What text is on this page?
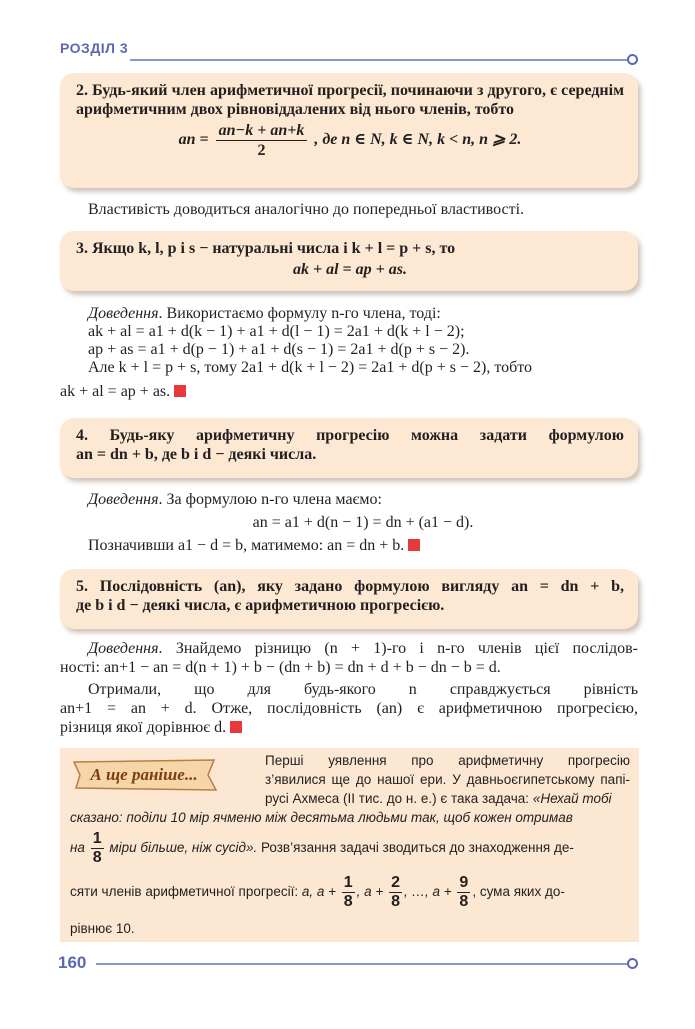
РОЗДІЛ 3
2. Будь-який член арифметичної прогресії, починаючи з другого, є середнім арифметичним двох рівновіддалених від нього членів, тобто
an = $\frac{an-k + an+k}{2}$ , де n ∈ N, k ∈ N, k < n, n ⩾ 2.
Властивість доводиться аналогічно до попередньої властивості.
3. Якщо k, l, p і s − натуральні числа і k + l = p + s, то
ak + al = ap + as.
Доведення. Використаємо формулу n-го члена, тоді:
ak + al = a1 + d(k − 1) + a1 + d(l − 1) = 2a1 + d(k + l − 2);
ap + as = a1 + d(p − 1) + a1 + d(s − 1) = 2a1 + d(p + s − 2).
Але k + l = p + s, тому 2a1 + d(k + l − 2) = 2a1 + d(p + s − 2), тобто
ak + al = ap + as.
4. Будь-яку арифметичну прогресію можна задати формулою
an = dn + b, де b і d − деякі числа.
Доведення. За формулою n-го члена маємо:
an = a1 + d(n − 1) = dn + (a1 − d).
Позначивши a1 − d = b, матимемо: an = dn + b.
5. Послідовність (an), яку задано формулою вигляду an = dn + b,
де b і d − деякі числа, є арифметичною прогресією.
Доведення. Знайдемо різницю (n + 1)-го і n-го членів цієї послідов-
ності: an+1 − an = d(n + 1) + b − (dn + b) = dn + d + b − dn − b = d.
Отримали, що для будь-якого n справджується рівність
an+1 = an + d. Отже, послідовність (an) є арифметичною прогресією,
різниця якої дорівнює d.
А ще раніше...
Перші уявлення про арифметичну прогресію
з’явилися ще до нашої ери. У давньоєгипетському папі-
русі Ахмеса (ІІ тис. до н. е.) є така задача: «Нехай тобі
сказано: поділи 10 мір ячменю між десятьма людьми так, щоб кожен отримав
на $\frac{1}{8}$ міри більше, ніж сусід». Розв’язання задачі зводиться до знаходження де-
сяти членів арифметичної прогресії: a, $a + \frac{1}{8}$ , $a + \frac{2}{8}$ , …, $a + \frac{9}{8}$ , сума яких до-
рівнює 10.
160
